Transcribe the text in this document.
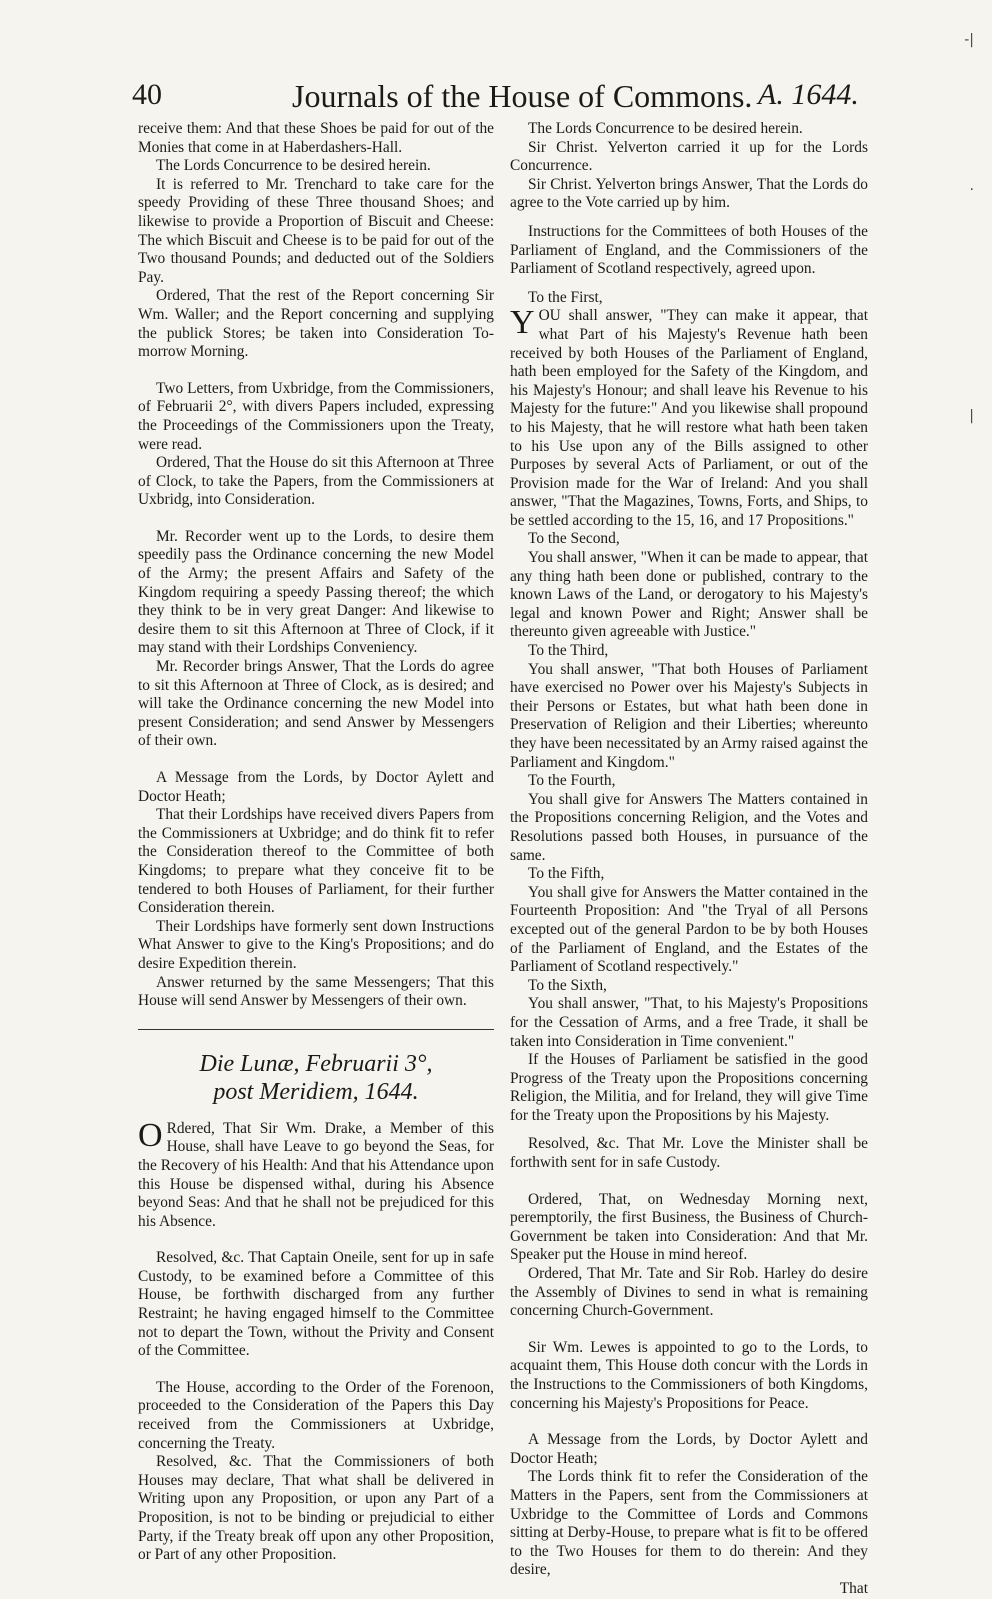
40	Journals of the House of Commons. A. 1644.
-|
·
|

receive them: And that these Shoes be paid for out of the Monies that come in at Haberdashers-Hall.

The Lords Concurrence to be desired herein.

It is referred to Mr. Trenchard to take care for the speedy Providing of these Three thousand Shoes; and likewise to provide a Proportion of Biscuit and Cheese: The which Biscuit and Cheese is to be paid for out of the Two thousand Pounds; and deducted out of the Soldiers Pay.

Ordered, That the rest of the Report concerning Sir Wm. Waller; and the Report concerning and supplying the publick Stores; be taken into Consideration To-morrow Morning.

Two Letters, from Uxbridge, from the Commissioners, of Februarii 2°, with divers Papers included, expressing the Proceedings of the Commissioners upon the Treaty, were read.

Ordered, That the House do sit this Afternoon at Three of Clock, to take the Papers, from the Commissioners at Uxbridg, into Consideration.

Mr. Recorder went up to the Lords, to desire them speedily pass the Ordinance concerning the new Model of the Army; the present Affairs and Safety of the Kingdom requiring a speedy Passing thereof; the which they think to be in very great Danger: And likewise to desire them to sit this Afternoon at Three of Clock, if it may stand with their Lordships Conveniency.

Mr. Recorder brings Answer, That the Lords do agree to sit this Afternoon at Three of Clock, as is desired; and will take the Ordinance concerning the new Model into present Consideration; and send Answer by Messengers of their own.

A Message from the Lords, by Doctor Aylett and Doctor Heath;

That their Lordships have received divers Papers from the Commissioners at Uxbridge; and do think fit to refer the Consideration thereof to the Committee of both Kingdoms; to prepare what they conceive fit to be tendered to both Houses of Parliament, for their further Consideration therein.

Their Lordships have formerly sent down Instructions What Answer to give to the King's Propositions; and do desire Expedition therein.

Answer returned by the same Messengers; That this House will send Answer by Messengers of their own.

Die Lunæ, Februarii 3°,
post Meridiem, 1644.

O Rdered, That Sir Wm. Drake, a Member of this House, shall have Leave to go beyond the Seas, for the Recovery of his Health: And that his Attendance upon this House be dispensed withal, during his Absence beyond Seas: And that he shall not be prejudiced for this his Absence.

Resolved, &c. That Captain Oneile, sent for up in safe Custody, to be examined before a Committee of this House, be forthwith discharged from any further Restraint; he having engaged himself to the Committee not to depart the Town, without the Privity and Consent of the Committee.

The House, according to the Order of the Forenoon, proceeded to the Consideration of the Papers this Day received from the Commissioners at Uxbridge, concerning the Treaty.

Resolved, &c. That the Commissioners of both Houses may declare, That what shall be delivered in Writing upon any Proposition, or upon any Part of a Proposition, is not to be binding or prejudicial to either Party, if the Treaty break off upon any other Proposition, or Part of any other Proposition.

The Lords Concurrence to be desired herein.

Sir Christ. Yelverton carried it up for the Lords Concurrence.

Sir Christ. Yelverton brings Answer, That the Lords do agree to the Vote carried up by him.

Instructions for the Committees of both Houses of the Parliament of England, and the Commissioners of the Parliament of Scotland respectively, agreed upon.

To the First,

YOU shall answer, "They can make it appear, that what Part of his Majesty's Revenue hath been received by both Houses of the Parliament of England, hath been employed for the Safety of the Kingdom, and his Majesty's Honour; and shall leave his Revenue to his Majesty for the future:" And you likewise shall propound to his Majesty, that he will restore what hath been taken to his Use upon any of the Bills assigned to other Purposes by several Acts of Parliament, or out of the Provision made for the War of Ireland: And you shall answer, "That the Magazines, Towns, Forts, and Ships, to be settled according to the 15, 16, and 17 Propositions."

To the Second,

You shall answer, "When it can be made to appear, that any thing hath been done or published, contrary to the known Laws of the Land, or derogatory to his Majesty's legal and known Power and Right; Answer shall be thereunto given agreeable with Justice."

To the Third,

You shall answer, "That both Houses of Parliament have exercised no Power over his Majesty's Subjects in their Persons or Estates, but what hath been done in Preservation of Religion and their Liberties; whereunto they have been necessitated by an Army raised against the Parliament and Kingdom."

To the Fourth,

You shall give for Answers The Matters contained in the Propositions concerning Religion, and the Votes and Resolutions passed both Houses, in pursuance of the same.

To the Fifth,

You shall give for Answers the Matter contained in the Fourteenth Proposition: And "the Tryal of all Persons excepted out of the general Pardon to be by both Houses of the Parliament of England, and the Estates of the Parliament of Scotland respectively."

To the Sixth,

You shall answer, "That, to his Majesty's Propositions for the Cessation of Arms, and a free Trade, it shall be taken into Consideration in Time convenient."

If the Houses of Parliament be satisfied in the good Progress of the Treaty upon the Propositions concerning Religion, the Militia, and for Ireland, they will give Time for the Treaty upon the Propositions by his Majesty.

Resolved, &c. That Mr. Love the Minister shall be forthwith sent for in safe Custody.

Ordered, That, on Wednesday Morning next, peremptorily, the first Business, the Business of Church-Government be taken into Consideration: And that Mr. Speaker put the House in mind hereof.

Ordered, That Mr. Tate and Sir Rob. Harley do desire the Assembly of Divines to send in what is remaining concerning Church-Government.

Sir Wm. Lewes is appointed to go to the Lords, to acquaint them, This House doth concur with the Lords in the Instructions to the Commissioners of both Kingdoms, concerning his Majesty's Propositions for Peace.

A Message from the Lords, by Doctor Aylett and Doctor Heath;

The Lords think fit to refer the Consideration of the Matters in the Papers, sent from the Commissioners at Uxbridge to the Committee of Lords and Commons sitting at Derby-House, to prepare what is fit to be offered to the Two Houses for them to do therein: And they desire,

That
